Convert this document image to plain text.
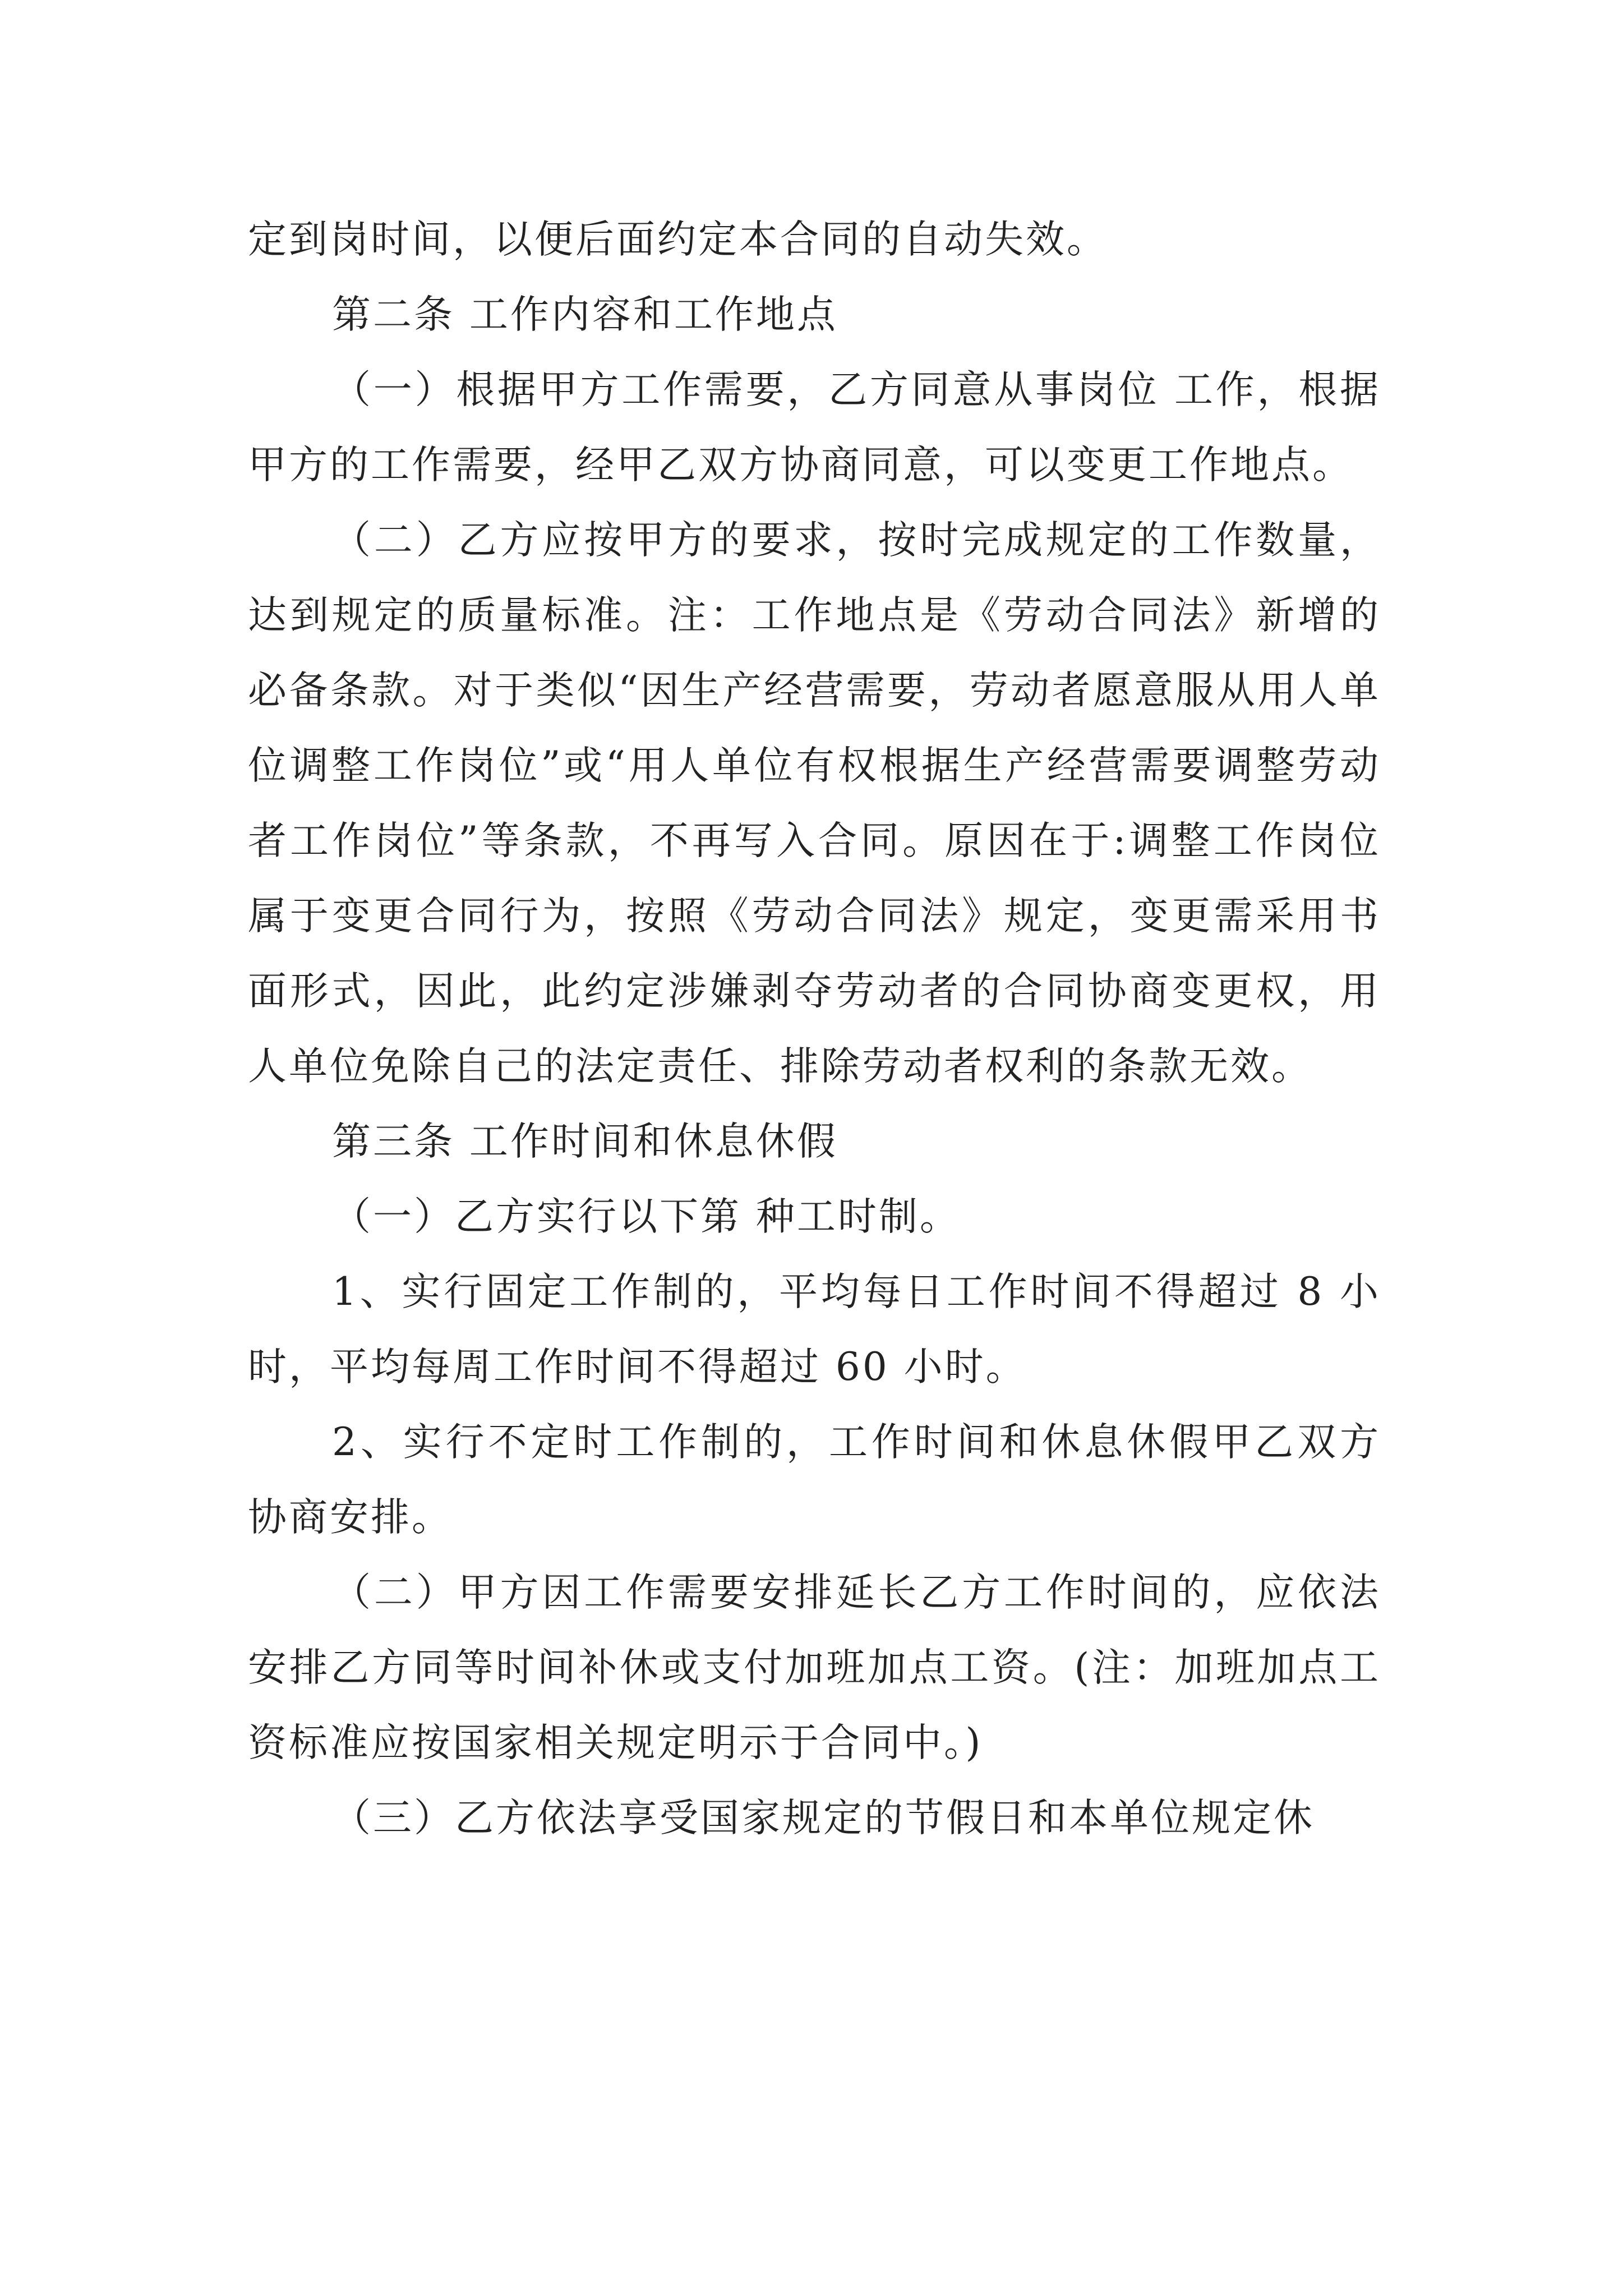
定到岗时间，以便后面约定本合同的自动失效。

第二条 工作内容和工作地点

（一）根据甲方工作需要，乙方同意从事岗位 工作，根据甲方的工作需要，经甲乙双方协商同意，可以变更工作地点。

（二）乙方应按甲方的要求，按时完成规定的工作数量，达到规定的质量标准。注：工作地点是《劳动合同法》新增的必备条款。对于类似“因生产经营需要，劳动者愿意服从用人单位调整工作岗位”或“用人单位有权根据生产经营需要调整劳动者工作岗位”等条款，不再写入合同。原因在于:调整工作岗位属于变更合同行为，按照《劳动合同法》规定，变更需采用书面形式，因此，此约定涉嫌剥夺劳动者的合同协商变更权，用人单位免除自己的法定责任、排除劳动者权利的条款无效。

第三条 工作时间和休息休假

（一）乙方实行以下第 种工时制。

1、实行固定工作制的，平均每日工作时间不得超过 8 小时，平均每周工作时间不得超过 60 小时。

2、实行不定时工作制的，工作时间和休息休假甲乙双方协商安排。

（二）甲方因工作需要安排延长乙方工作时间的，应依法安排乙方同等时间补休或支付加班加点工资。(注：加班加点工资标准应按国家相关规定明示于合同中。)

（三）乙方依法享受国家规定的节假日和本单位规定休
